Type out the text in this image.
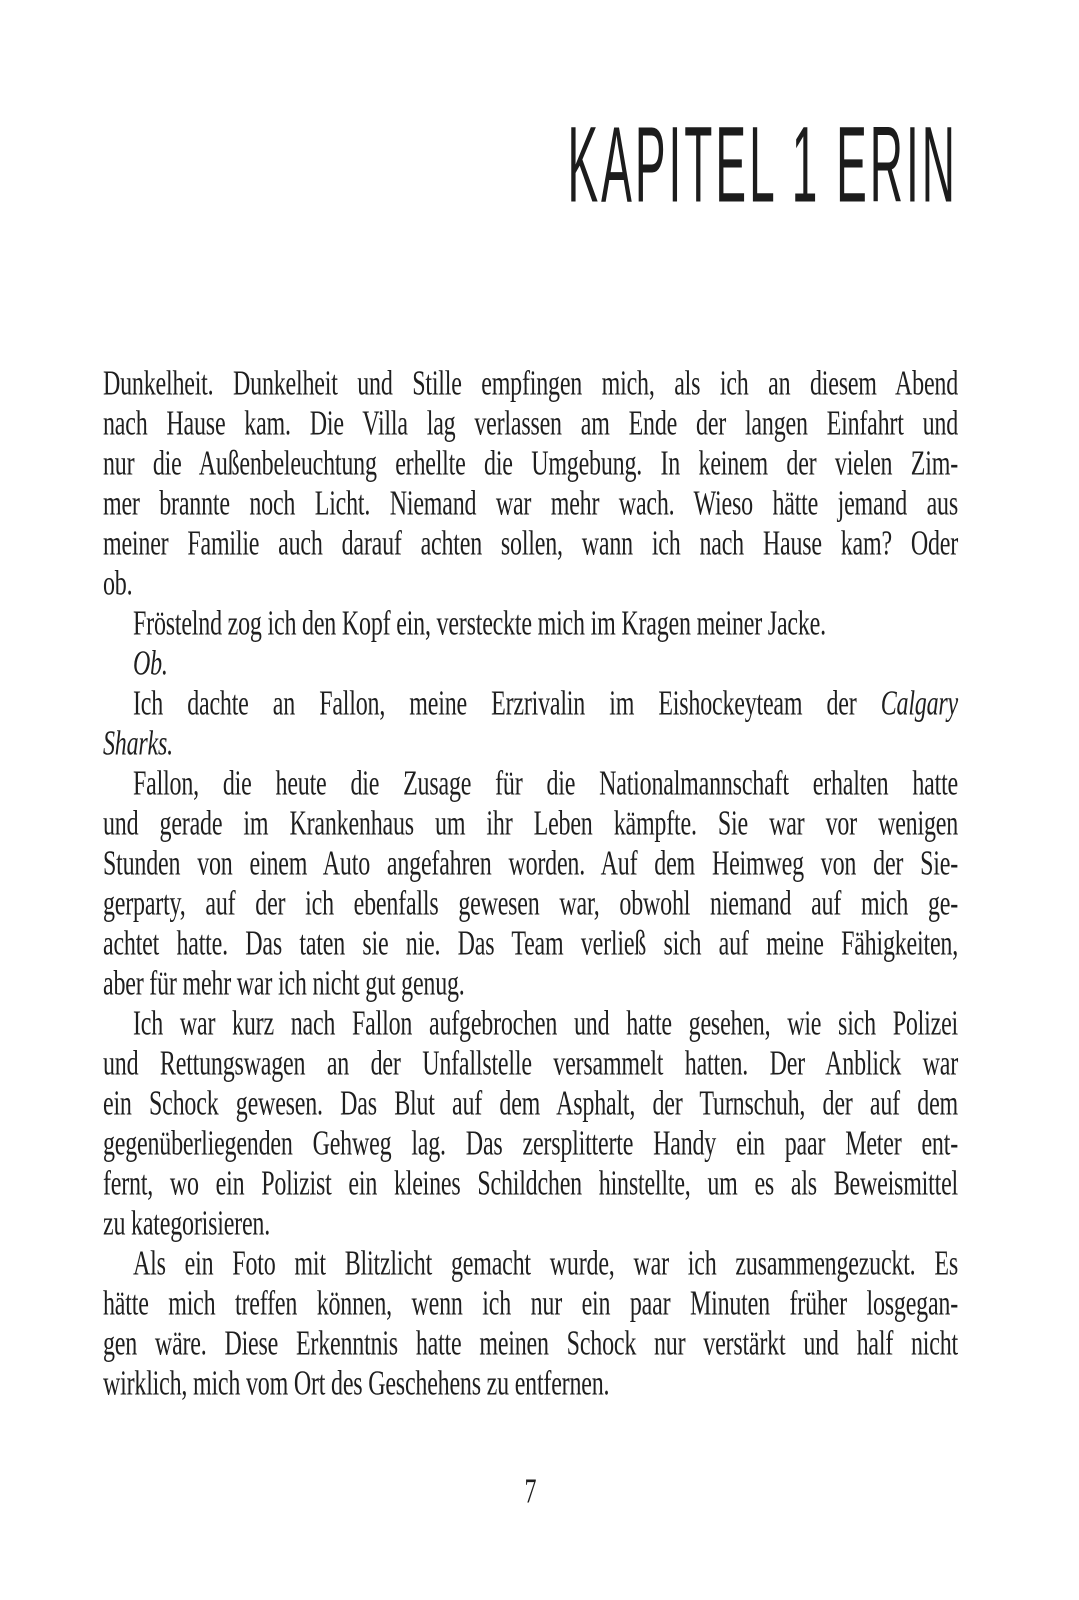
KAPITEL 1 ERIN
Dunkelheit. Dunkelheit und Stille empfingen mich, als ich an diesem Abend
nach Hause kam. Die Villa lag verlassen am Ende der langen Einfahrt und
nur die Außenbeleuchtung erhellte die Umgebung. In keinem der vielen Zim-
mer brannte noch Licht. Niemand war mehr wach. Wieso hätte jemand aus
meiner Familie auch darauf achten sollen, wann ich nach Hause kam? Oder
ob.
Fröstelnd zog ich den Kopf ein, versteckte mich im Kragen meiner Jacke.
Ob.
Ich dachte an Fallon, meine Erzrivalin im Eishockeyteam der Calgary
Sharks.
Fallon, die heute die Zusage für die Nationalmannschaft erhalten hatte
und gerade im Krankenhaus um ihr Leben kämpfte. Sie war vor wenigen
Stunden von einem Auto angefahren worden. Auf dem Heimweg von der Sie-
gerparty, auf der ich ebenfalls gewesen war, obwohl niemand auf mich ge-
achtet hatte. Das taten sie nie. Das Team verließ sich auf meine Fähigkeiten,
aber für mehr war ich nicht gut genug.
Ich war kurz nach Fallon aufgebrochen und hatte gesehen, wie sich Polizei
und Rettungswagen an der Unfallstelle versammelt hatten. Der Anblick war
ein Schock gewesen. Das Blut auf dem Asphalt, der Turnschuh, der auf dem
gegenüberliegenden Gehweg lag. Das zersplitterte Handy ein paar Meter ent-
fernt, wo ein Polizist ein kleines Schildchen hinstellte, um es als Beweismittel
zu kategorisieren.
Als ein Foto mit Blitzlicht gemacht wurde, war ich zusammengezuckt. Es
hätte mich treffen können, wenn ich nur ein paar Minuten früher losgegan-
gen wäre. Diese Erkenntnis hatte meinen Schock nur verstärkt und half nicht
wirklich, mich vom Ort des Geschehens zu entfernen.
7
